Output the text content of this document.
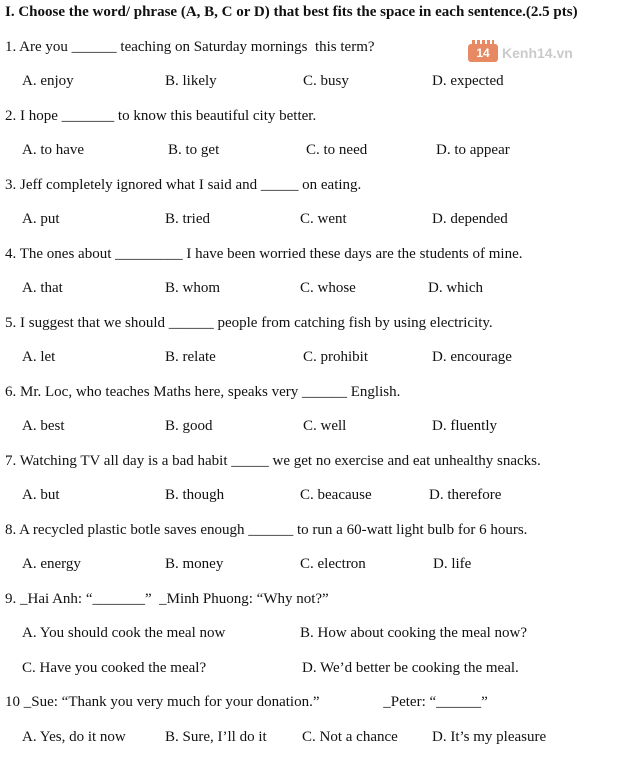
I. Choose the word/ phrase (A, B, C or D) that best fits the space in each sentence.(2.5 pts)
14 Kenh14.vn
1. Are you ______ teaching on Saturday mornings  this term?
A. enjoy	B. likely	C. busy	D. expected
2. I hope _______ to know this beautiful city better.
A. to have	B. to get	C. to need	D. to appear
3. Jeff completely ignored what I said and _____ on eating.
A. put	B. tried	C. went	D. depended
4. The ones about _________ I have been worried these days are the students of mine.
A. that	B. whom	C. whose	D. which
5. I suggest that we should ______ people from catching fish by using electricity.
A. let	B. relate	C. prohibit	D. encourage
6. Mr. Loc, who teaches Maths here, speaks very ______ English.
A. best	B. good	C. well	D. fluently
7. Watching TV all day is a bad habit _____ we get no exercise and eat unhealthy snacks.
A. but	B. though	C. beacause	D. therefore
8. A recycled plastic botle saves enough ______ to run a 60-watt light bulb for 6 hours.
A. energy	B. money	C. electron	D. life
9. _Hai Anh: “_______”  _Minh Phuong: “Why not?”
A. You should cook the meal now	B. How about cooking the meal now?
C. Have you cooked the meal?	D. We’d better be cooking the meal.
10 _Sue: “Thank you very much for your donation.”                 _Peter: “______”
A. Yes, do it now	B. Sure, I’ll do it C. Not a chance D. It’s my pleasure
